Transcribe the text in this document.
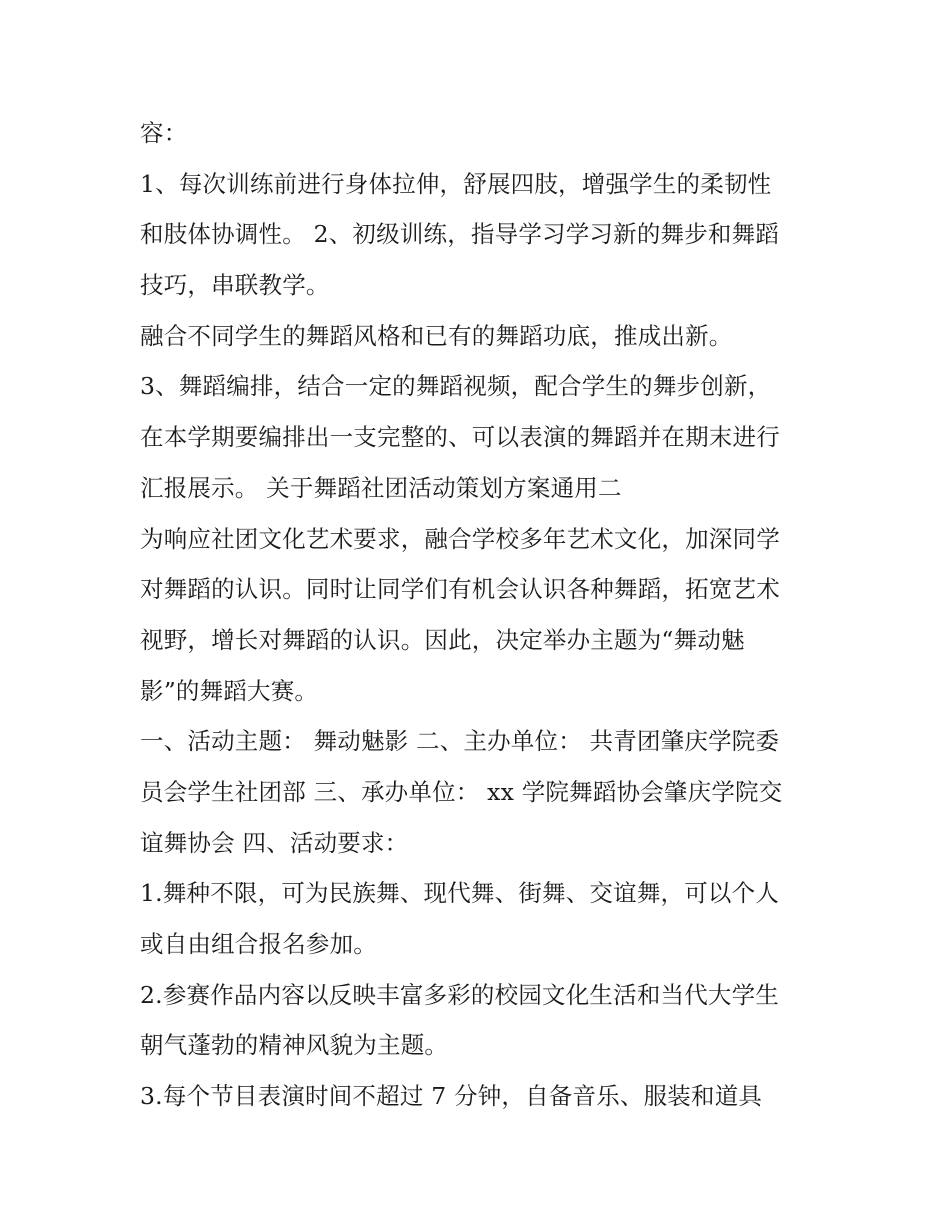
容：
1、每次训练前进行身体拉伸，舒展四肢，增强学生的柔韧性
和肢体协调性。 2、初级训练，指导学习学习新的舞步和舞蹈
技巧，串联教学。
融合不同学生的舞蹈风格和已有的舞蹈功底，推成出新。
3、舞蹈编排，结合一定的舞蹈视频，配合学生的舞步创新，
在本学期要编排出一支完整的、可以表演的舞蹈并在期末进行
汇报展示。 关于舞蹈社团活动策划方案通用二
为响应社团文化艺术要求，融合学校多年艺术文化，加深同学
对舞蹈的认识。同时让同学们有机会认识各种舞蹈，拓宽艺术
视野，增长对舞蹈的认识。因此，决定举办主题为“舞动魅
影”的舞蹈大赛。
一、活动主题： 舞动魅影 二、主办单位： 共青团肇庆学院委
员会学生社团部 三、承办单位： xx 学院舞蹈协会肇庆学院交
谊舞协会 四、活动要求：
1.舞种不限，可为民族舞、现代舞、街舞、交谊舞，可以个人
或自由组合报名参加。
2.参赛作品内容以反映丰富多彩的校园文化生活和当代大学生
朝气蓬勃的精神风貌为主题。
3.每个节目表演时间不超过 7 分钟，自备音乐、服装和道具
